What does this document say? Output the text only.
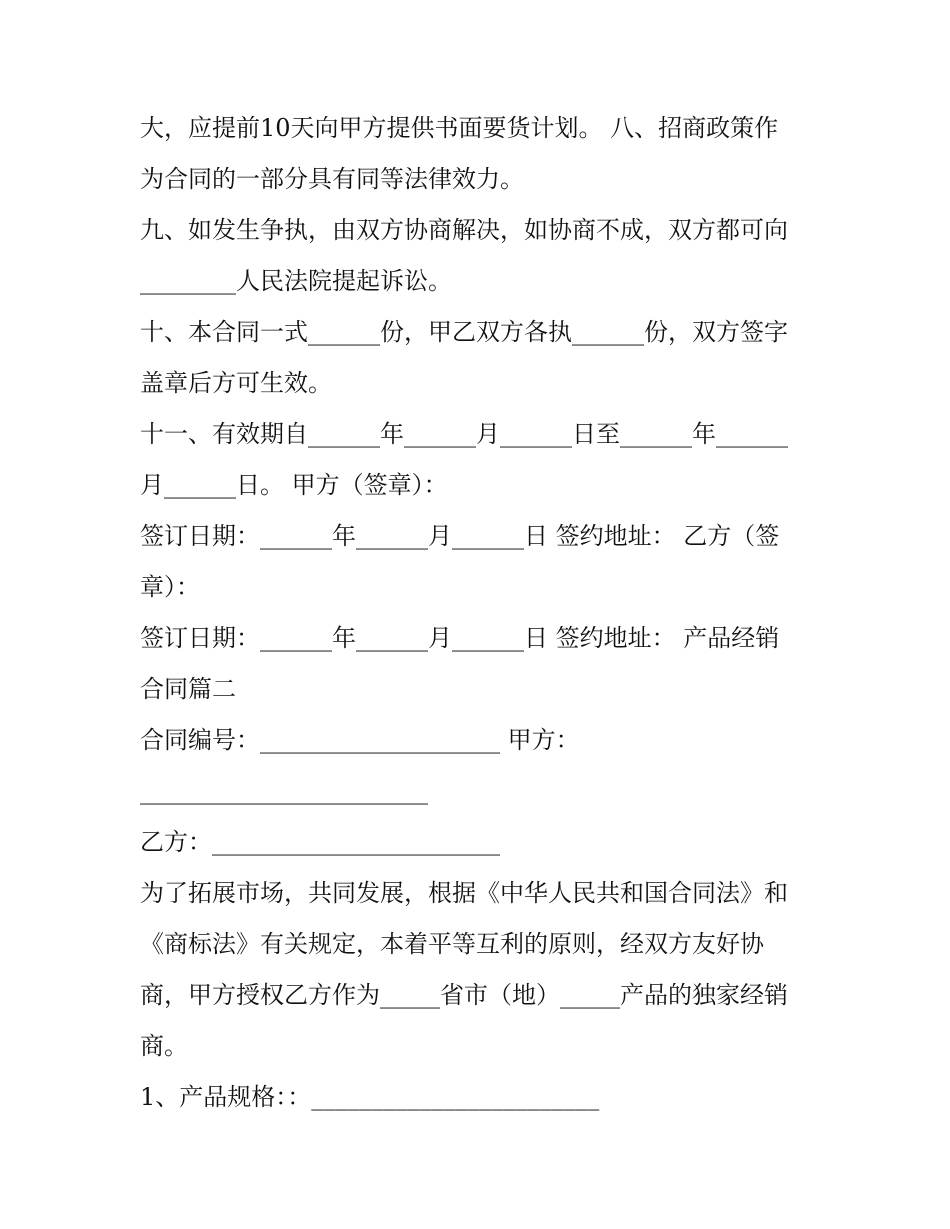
大，应提前10天向甲方提供书面要货计划。 八、招商政策作
为合同的一部分具有同等法律效力。
九、如发生争执，由双方协商解决，如协商不成，双方都可向
________人民法院提起诉讼。
十、本合同一式______份，甲乙双方各执______份，双方签字
盖章后方可生效。
十一、有效期自______年______月______日至______年______
月______日。 甲方（签章）：
签订日期：______年______月______日 签约地址： 乙方（签
章）：
签订日期：______年______月______日 签约地址： 产品经销
合同篇二
合同编号：____________________ 甲方：
________________________
乙方：________________________
为了拓展市场，共同发展，根据《中华人民共和国合同法》和
《商标法》有关规定，本着平等互利的原则，经双方友好协
商，甲方授权乙方作为_____省市（地）_____产品的独家经销
商。
1、产品规格：：________________________
